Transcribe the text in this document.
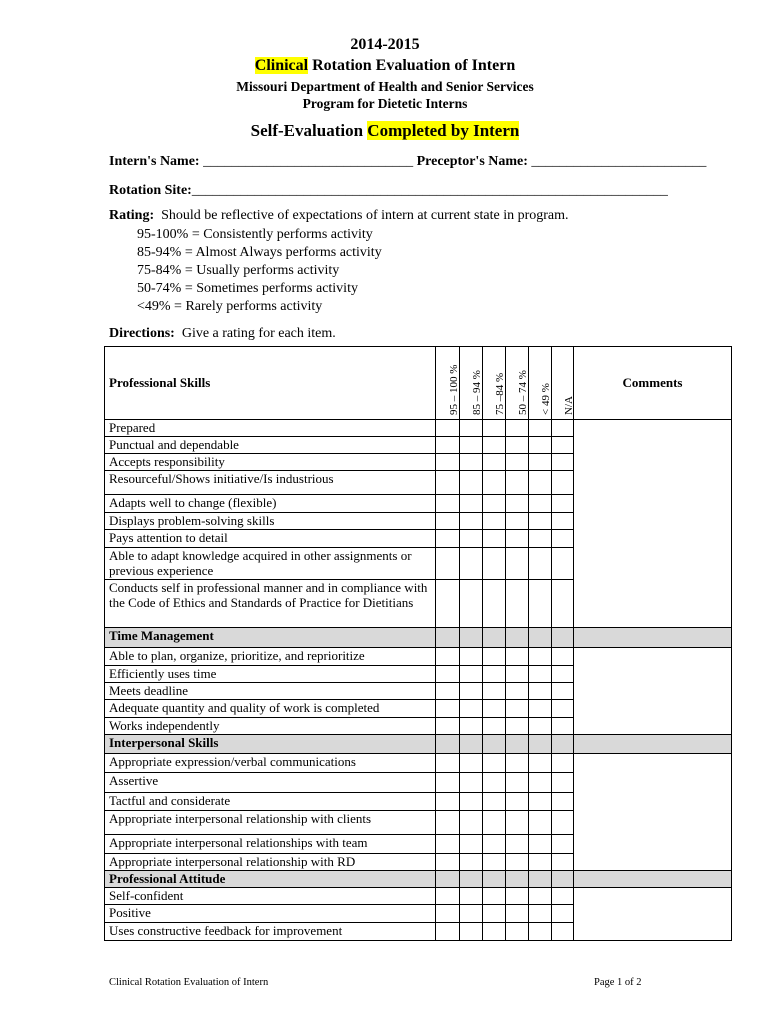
2014-2015
Clinical Rotation Evaluation of Intern
Missouri Department of Health and Senior Services
Program for Dietetic Interns
Self-Evaluation Completed by Intern
Intern's Name: ______________________________ Preceptor's Name: _________________________
Rotation Site:____________________________________________________________________
Rating:  Should be reflective of expectations of intern at current state in program.
95-100% = Consistently performs activity
85-94% = Almost Always performs activity
75-84% = Usually performs activity
50-74% = Sometimes performs activity
<49% = Rarely performs activity
Directions:  Give a rating for each item.
Professional Skills	95 – 100 %	85 – 94 %	75 –84 %	50 – 74 %	< 49 %	N/A	Comments
Prepared							
Punctual and dependable							
Accepts responsibility							
Resourceful/Shows initiative/Is industrious							
Adapts well to change (flexible)							
Displays problem-solving skills							
Pays attention to detail							
Able to adapt knowledge acquired in other assignments or previous experience							
Conducts self in professional manner and in compliance with the Code of Ethics and Standards of Practice for Dietitians							
Time Management							
Able to plan, organize, prioritize, and reprioritize							
Efficiently uses time							
Meets deadline							
Adequate quantity and quality of work is completed							
Works independently							
Interpersonal Skills							
Appropriate expression/verbal communications							
Assertive							
Tactful and considerate							
Appropriate interpersonal relationship with clients							
Appropriate interpersonal relationships with team							
Appropriate interpersonal relationship with RD							
Professional Attitude							
Self-confident							
Positive							
Uses constructive feedback for improvement							
Clinical Rotation Evaluation of Intern	Page 1 of 2
